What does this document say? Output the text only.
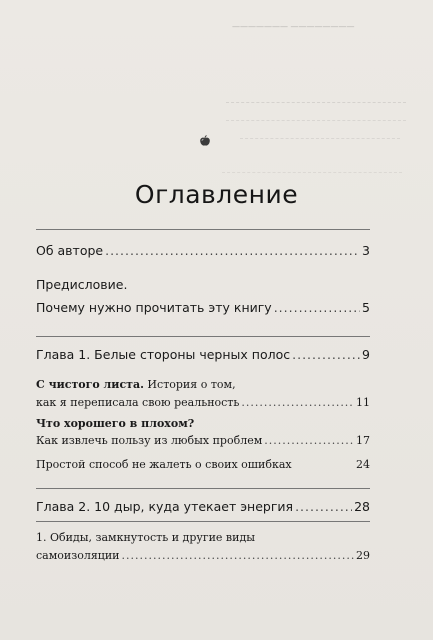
——————— ————————
Оглавление
Об авторе .....	3
Предисловие.
Почему нужно прочитать эту книгу .....	5
Глава 1. Белые стороны черных полос .....	9
С чистого листа. История о том,
как я переписала свою реальность .....	11
Что хорошего в плохом?
Как извлечь пользу из любых проблем .....	17
Простой способ не жалеть о своих ошибках	24
Глава 2. 10 дыр, куда утекает энергия .....	28
1. Обиды, замкнутость и другие виды
самоизоляции .....	29
